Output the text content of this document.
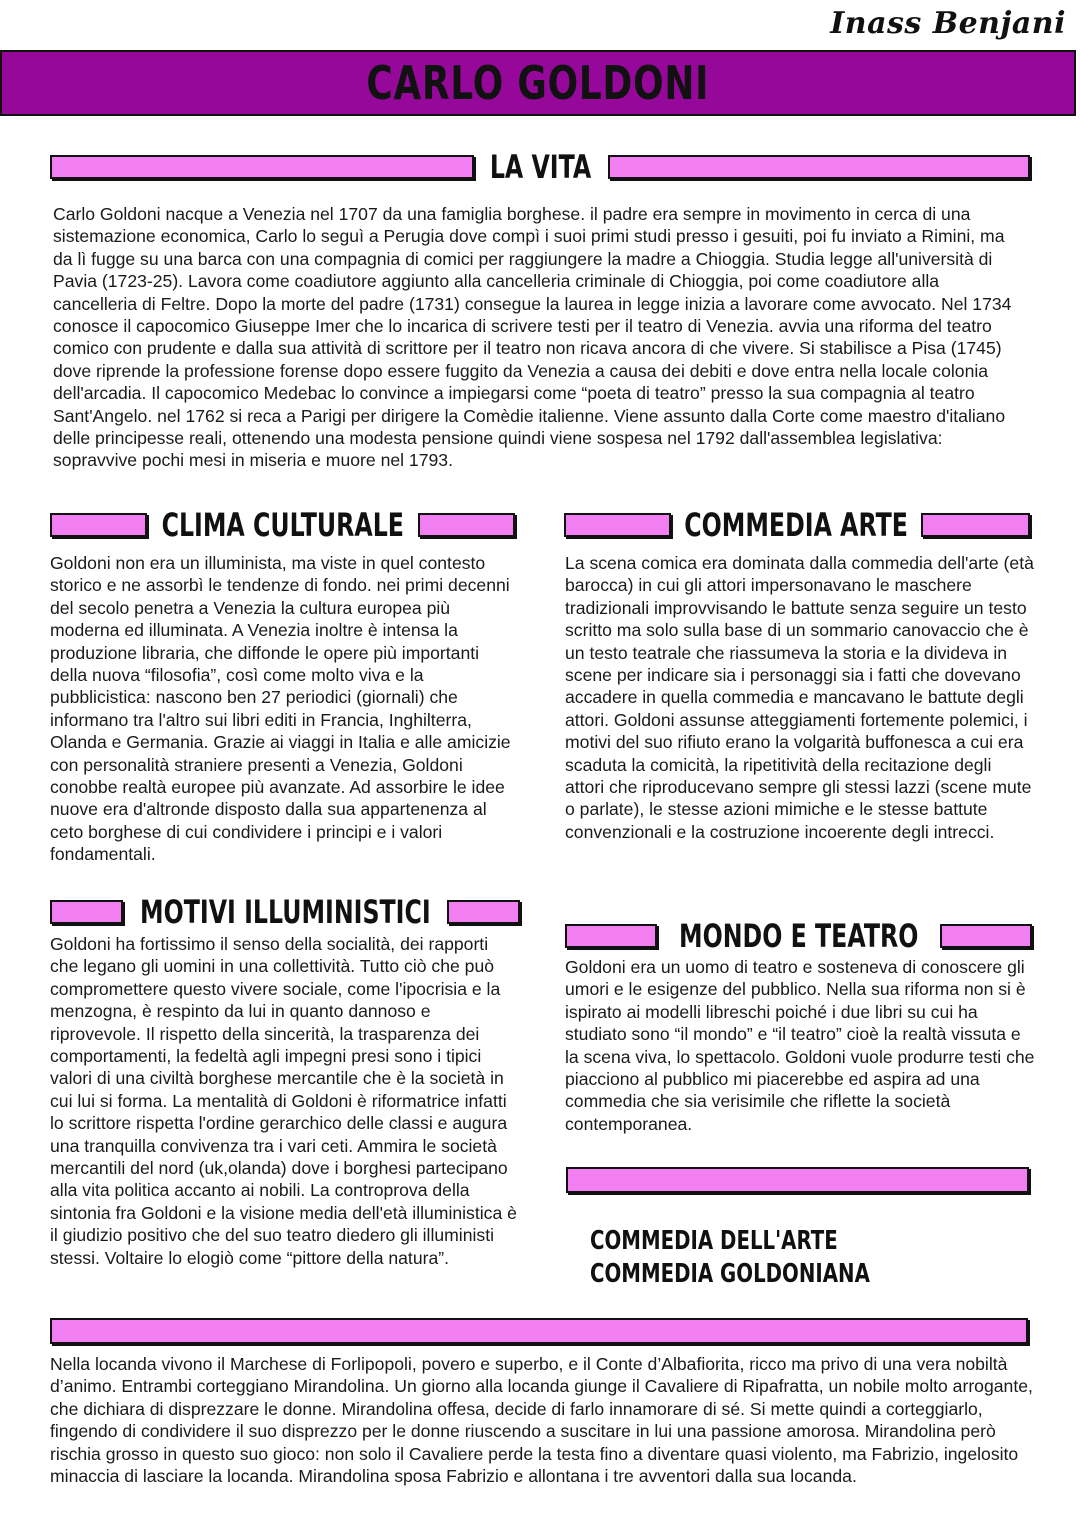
Inass Benjani
CARLO GOLDONI
LA VITA

Carlo Goldoni nacque a Venezia nel 1707 da una famiglia borghese. il padre era sempre in movimento in cerca di una sistemazione economica, Carlo lo seguì a Perugia dove compì i suoi primi studi presso i gesuiti, poi fu inviato a Rimini, ma da lì fugge su una barca con una compagnia di comici per raggiungere la madre a Chioggia. Studia legge all'università di Pavia (1723-25). Lavora come coadiutore aggiunto alla cancelleria criminale di Chioggia, poi come coadiutore alla cancelleria di Feltre. Dopo la morte del padre (1731) consegue la laurea in legge inizia a lavorare come avvocato. Nel 1734 conosce il capocomico Giuseppe Imer che lo incarica di scrivere testi per il teatro di Venezia. avvia una riforma del teatro comico con prudente e dalla sua attività di scrittore per il teatro non ricava ancora di che vivere. Si stabilisce a Pisa (1745) dove riprende la professione forense dopo essere fuggito da Venezia a causa dei debiti e dove entra nella locale colonia dell'arcadia. Il capocomico Medebac lo convince a impiegarsi come “poeta di teatro” presso la sua compagnia al teatro Sant'Angelo. nel 1762 si reca a Parigi per dirigere la Comèdie italienne. Viene assunto dalla Corte come maestro d'italiano delle principesse reali, ottenendo una modesta pensione quindi viene sospesa nel 1792 dall'assemblea legislativa: sopravvive pochi mesi in miseria e muore nel 1793.

CLIMA CULTURALE

Goldoni non era un illuminista, ma viste in quel contesto storico e ne assorbì le tendenze di fondo. nei primi decenni del secolo penetra a Venezia la cultura europea più moderna ed illuminata. A Venezia inoltre è intensa la produzione libraria, che diffonde le opere più importanti della nuova “filosofia”, così come molto viva e la pubblicistica: nascono ben 27 periodici (giornali) che informano tra l'altro sui libri editi in Francia, Inghilterra, Olanda e Germania. Grazie ai viaggi in Italia e alle amicizie con personalità straniere presenti a Venezia, Goldoni conobbe realtà europee più avanzate. Ad assorbire le idee nuove era d'altronde disposto dalla sua appartenenza al ceto borghese di cui condividere i principi e i valori fondamentali.

COMMEDIA ARTE

La scena comica era dominata dalla commedia dell'arte (età barocca) in cui gli attori impersonavano le maschere tradizionali improvvisando le battute senza seguire un testo scritto ma solo sulla base di un sommario canovaccio che è un testo teatrale che riassumeva la storia e la divideva in scene per indicare sia i personaggi sia i fatti che dovevano accadere in quella commedia e mancavano le battute degli attori. Goldoni assunse atteggiamenti fortemente polemici, i motivi del suo rifiuto erano la volgarità buffonesca a cui era scaduta la comicità, la ripetitività della recitazione degli attori che riproducevano sempre gli stessi lazzi (scene mute o parlate), le stesse azioni mimiche e le stesse battute convenzionali e la costruzione incoerente degli intrecci.

MOTIVI ILLUMINISTICI

Goldoni ha fortissimo il senso della socialità, dei rapporti che legano gli uomini in una collettività. Tutto ciò che può compromettere questo vivere sociale, come l'ipocrisia e la menzogna, è respinto da lui in quanto dannoso e riprovevole. Il rispetto della sincerità, la trasparenza dei comportamenti, la fedeltà agli impegni presi sono i tipici valori di una civiltà borghese mercantile che è la società in cui lui si forma. La mentalità di Goldoni è riformatrice infatti lo scrittore rispetta l'ordine gerarchico delle classi e augura una tranquilla convivenza tra i vari ceti. Ammira le società mercantili del nord (uk,olanda) dove i borghesi partecipano alla vita politica accanto ai nobili. La controprova della sintonia fra Goldoni e la visione media dell'età illuministica è il giudizio positivo che del suo teatro diedero gli illuministi stessi. Voltaire lo elogiò come “pittore della natura”.

MONDO E TEATRO

Goldoni era un uomo di teatro e sosteneva di conoscere gli umori e le esigenze del pubblico. Nella sua riforma non si è ispirato ai modelli libreschi poiché i due libri su cui ha studiato sono “il mondo” e “il teatro” cioè la realtà vissuta e la scena viva, lo spettacolo. Goldoni vuole produrre testi che piacciono al pubblico mi piacerebbe ed aspira ad una commedia che sia verisimile che riflette la società contemporanea.

COMMEDIA DELL'ARTE
COMMEDIA GOLDONIANA

Nella locanda vivono il Marchese di Forlipopoli, povero e superbo, e il Conte d’Albafiorita, ricco ma privo di una vera nobiltà d’animo. Entrambi corteggiano Mirandolina. Un giorno alla locanda giunge il Cavaliere di Ripafratta, un nobile molto arrogante, che dichiara di disprezzare le donne. Mirandolina offesa, decide di farlo innamorare di sé. Si mette quindi a corteggiarlo, fingendo di condividere il suo disprezzo per le donne riuscendo a suscitare in lui una passione amorosa. Mirandolina però rischia grosso in questo suo gioco: non solo il Cavaliere perde la testa fino a diventare quasi violento, ma Fabrizio, ingelosito minaccia di lasciare la locanda. Mirandolina sposa Fabrizio e allontana i tre avventori dalla sua locanda.
